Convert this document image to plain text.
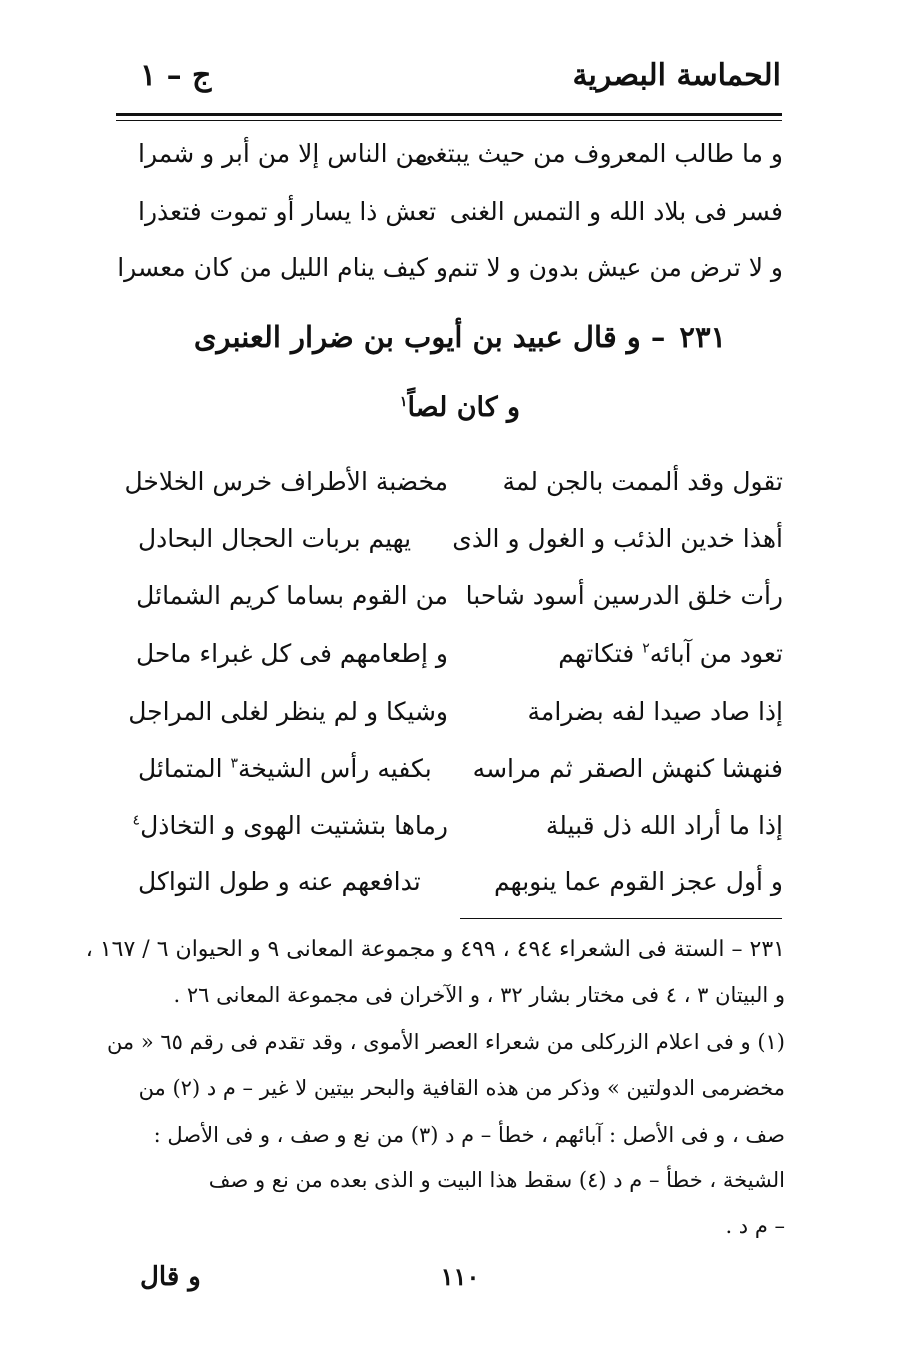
الحماسة البصرية
ج – ١
و ما طالب المعروف من حيث يبتغى
من الناس إلا من أبر و شمرا
فسر فى بلاد الله و التمس الغنى
تعش ذا يسار أو تموت فتعذرا
و لا ترض من عيش بدون و لا تنم
و كيف ينام الليل من كان معسرا
٢٣١– و قال عبيد بن أيوب بن ضرار العنبرى
و كان لصاً$^١$
تقول وقد ألممت بالجن لمة
مخضبة الأطراف خرس الخلاخل
أهذا خدين الذئب و الغول و الذى
يهيم بربات الحجال البحادل
رأت خلق الدرسين أسود شاحبا
من القوم بساما كريم الشمائل
تعود من آبائه$^٢$ فتكاتهم
و إطعامهم فى كل غبراء ماحل
إذا صاد صيدا لفه بضرامة
وشيكا و لم ينظر لغلى المراجل
فنهشا كنهش الصقر ثم مراسه
بكفيه رأس الشيخة$^٣$ المتمائل
إذا ما أراد الله ذل قبيلة
رماها بتشتيت الهوى و التخاذل$^٤$
و أول عجز القوم عما ينوبهم
تدافعهم عنه و طول التواكل
٢٣١ – الستة فى الشعراء ٤٩٤ ، ٤٩٩ و مجموعة المعانى ٩ و الحيوان ٦ / ١٦٧ ،
و البيتان ٣ ، ٤ فى مختار بشار ٣٢ ، و الآخران فى مجموعة المعانى ٢٦ .
(١) و فى اعلام الزركلى من شعراء العصر الأموى ، وقد تقدم فى رقم ٦٥ « من
مخضرمى الدولتين » وذكر من هذه القافية والبحر بيتين لا غير – م د (٢) من
صف ، و فى الأصل : آبائهم ، خطأ – م د (٣) من نع و صف ، و فى الأصل :
الشيخة ، خطأ – م د (٤) سقط هذا البيت و الذى بعده من نع و صف
– م د .
١١٠
و قال
